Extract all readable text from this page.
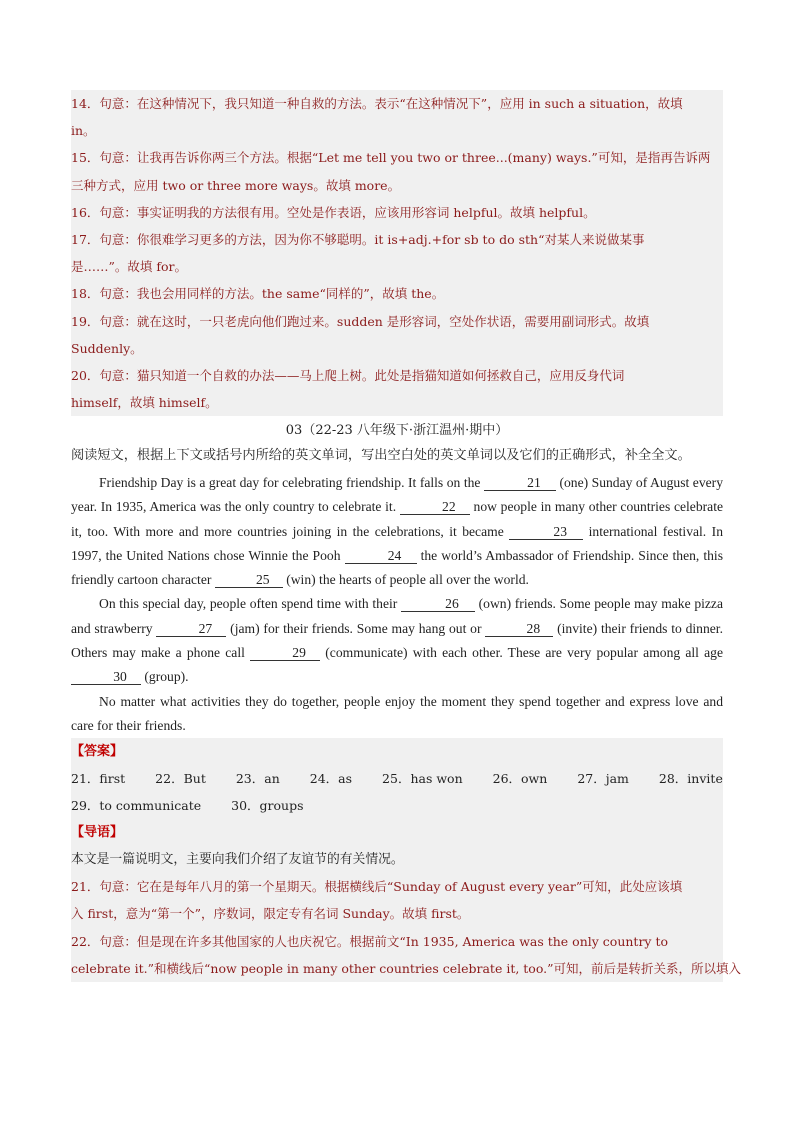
14．句意：在这种情况下，我只知道一种自救的方法。表示“在这种情况下”，应用 in such a situation，故填
in。
15．句意：让我再告诉你两三个方法。根据“Let me tell you two or three...(many) ways.”可知，是指再告诉两
三种方式，应用 two or three more ways。故填 more。
16．句意：事实证明我的方法很有用。空处是作表语，应该用形容词 helpful。故填 helpful。
17．句意：你很难学习更多的方法，因为你不够聪明。it is+adj.+for sb to do sth“对某人来说做某事
是……”。故填 for。
18．句意：我也会用同样的方法。the same“同样的”，故填 the。
19．句意：就在这时，一只老虎向他们跑过来。sudden 是形容词，空处作状语，需要用副词形式。故填
Suddenly。
20．句意：猫只知道一个自救的办法——马上爬上树。此处是指猫知道如何拯救自己，应用反身代词
himself，故填 himself。
03（22-23 八年级下·浙江温州·期中）
阅读短文，根据上下文或括号内所给的英文单词，写出空白处的英文单词以及它们的正确形式，补全全文。

Friendship Day is a great day for celebrating friendship. It falls on the	21 (one) Sunday of August every year. In 1935, America was the only country to celebrate it.	22 now people in many other countries celebrate it, too. With more and more countries joining in the celebrations, it became	23 international festival. In 1997, the United Nations chose Winnie the Pooh	24 the world’s Ambassador of Friendship. Since then, this friendly cartoon character	25 (win) the hearts of people all over the world.

On this special day, people often spend time with their	26 (own) friends. Some people may make pizza and strawberry	27 (jam) for their friends. Some may hang out or	28 (invite) their friends to dinner. Others may make a phone call	29 (communicate) with each other. These are very popular among all age 30 (group).

No matter what activities they do together, people enjoy the moment they spend together and express love and care for their friends.

【答案】
21．first 22．But 23．an 24．as 25．has won 26．own 27．jam 28．invite
29．to communicate 30．groups
【导语】
本文是一篇说明文，主要向我们介绍了友谊节的有关情况。
21．句意：它在是每年八月的第一个星期天。根据横线后“Sunday of August every year”可知，此处应该填
入 first，意为“第一个”，序数词，限定专有名词 Sunday。故填 first。
22．句意：但是现在许多其他国家的人也庆祝它。根据前文“In 1935, America was the only country to
celebrate it.”和横线后“now people in many other countries celebrate it, too.”可知，前后是转折关系，所以填入
